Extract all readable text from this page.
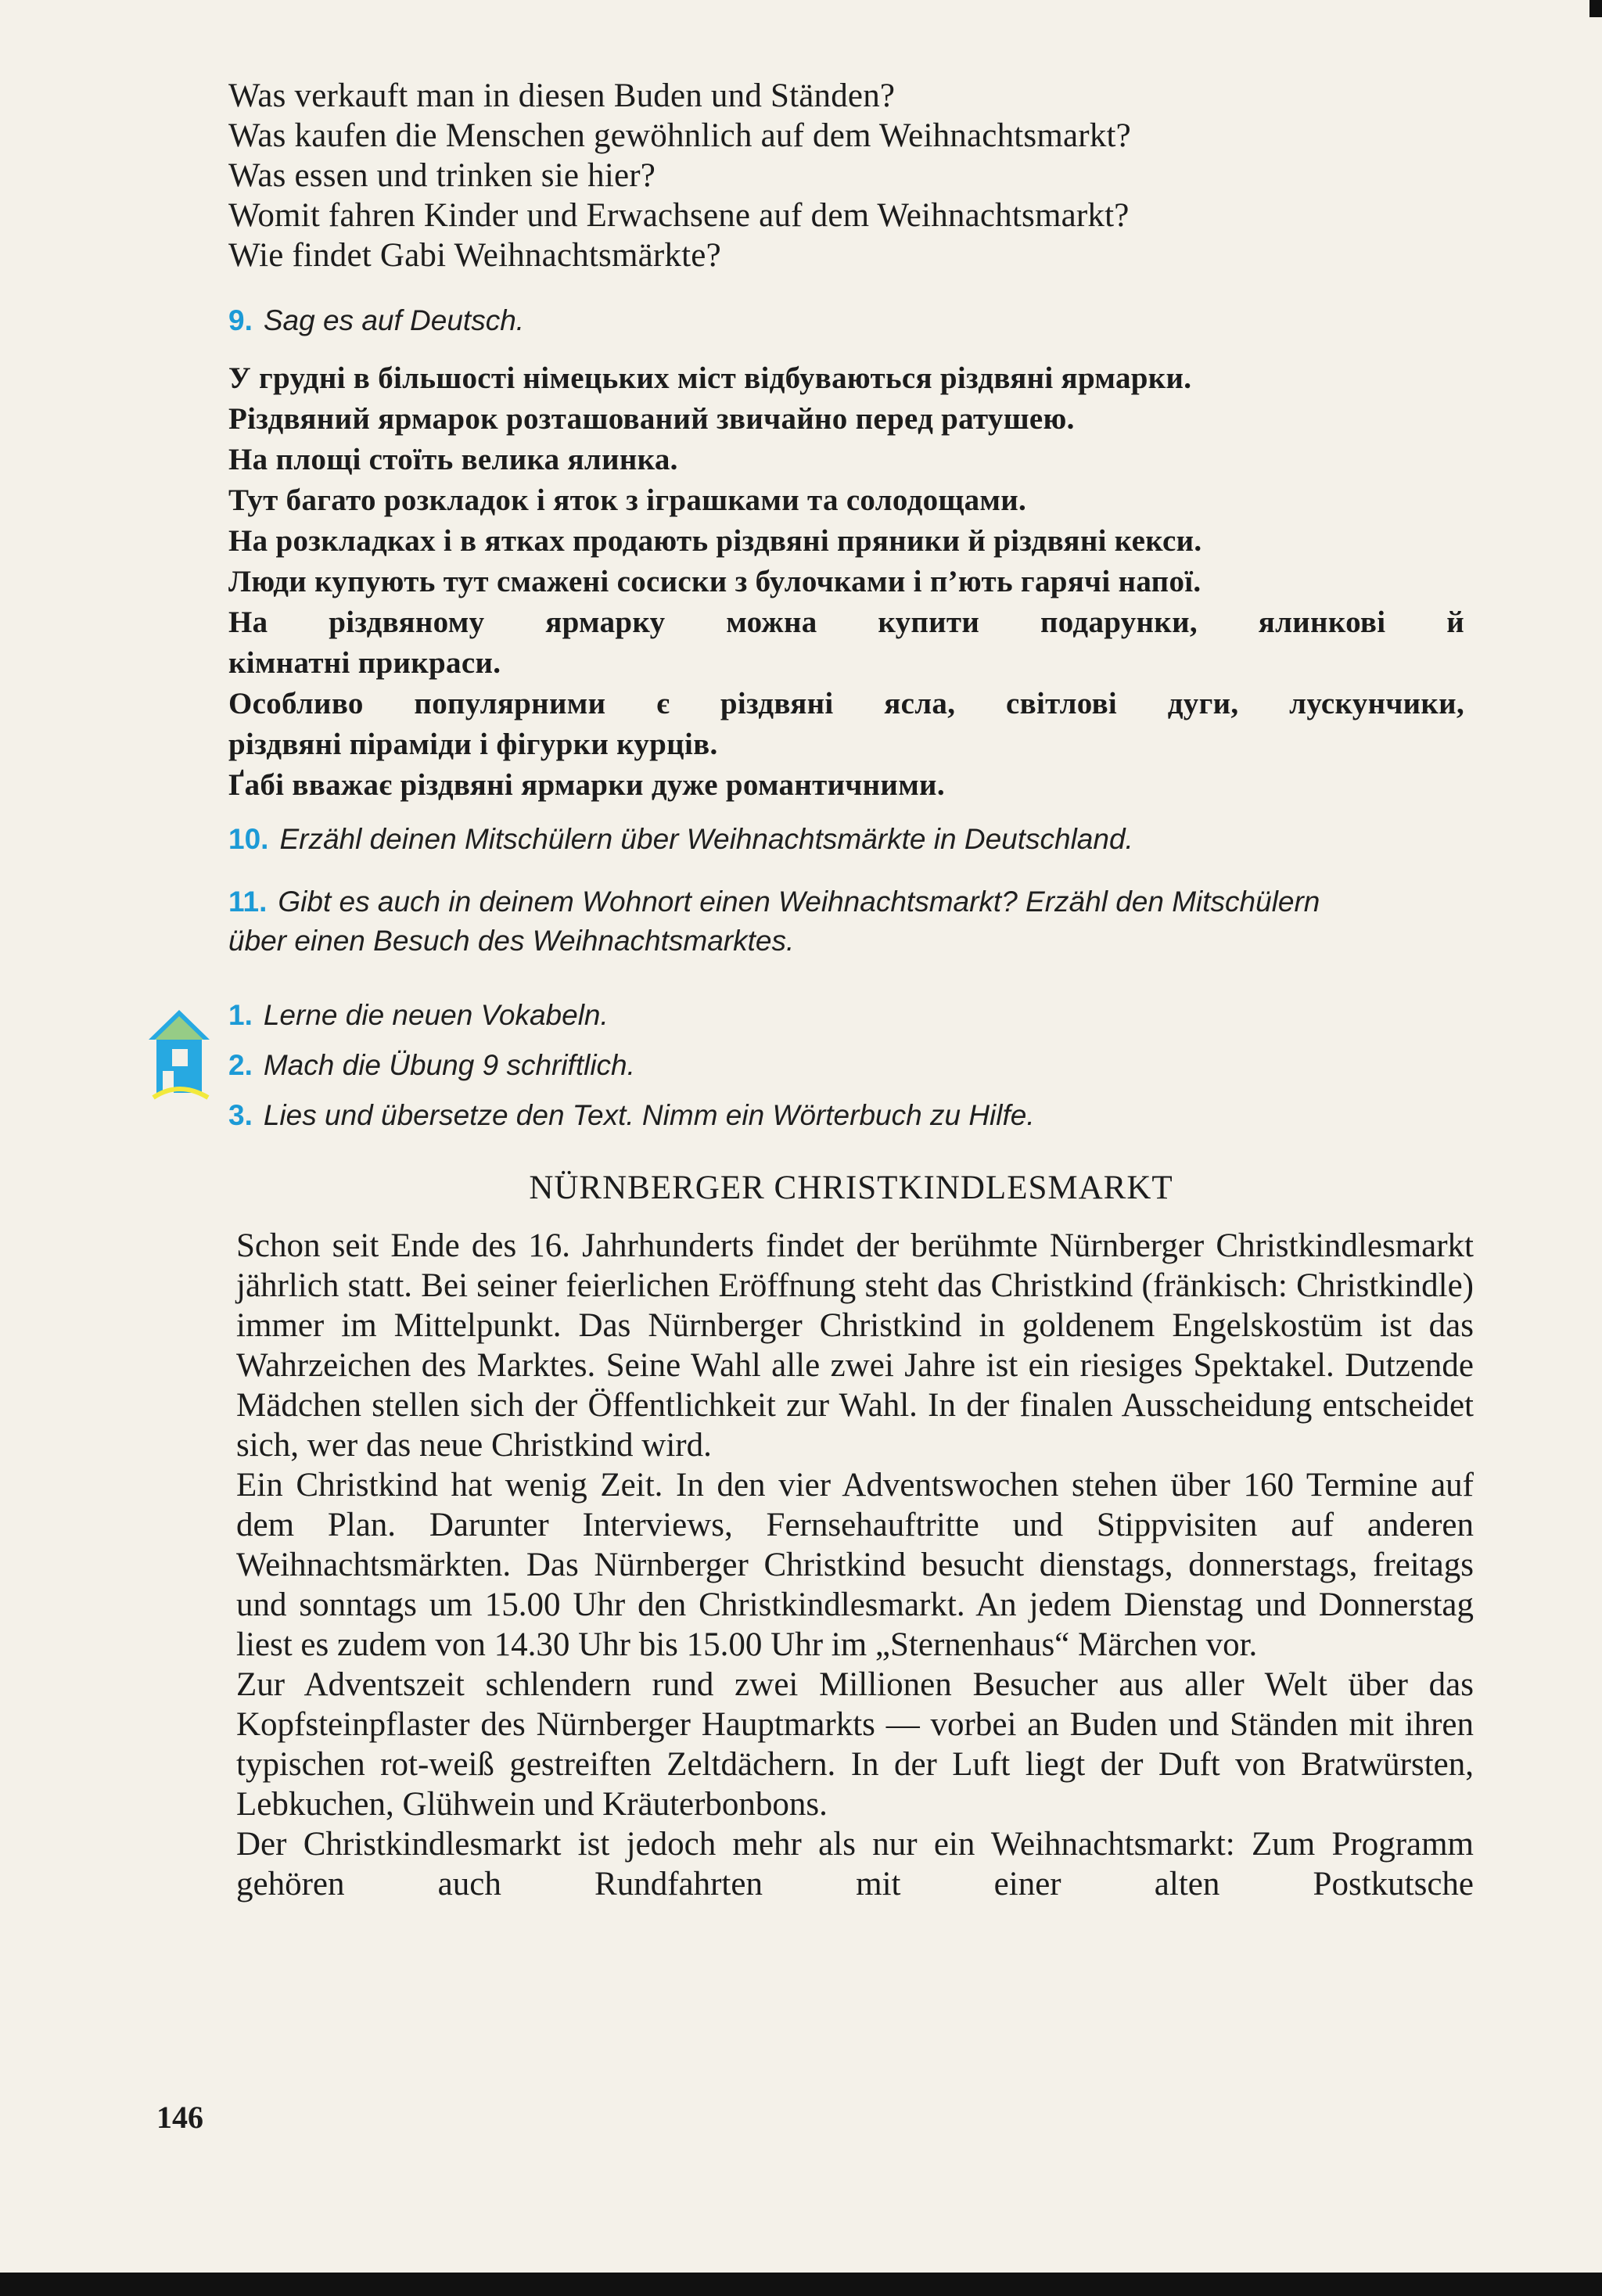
Was verkauft man in diesen Buden und Ständen?
Was kaufen die Menschen gewöhnlich auf dem Weihnachtsmarkt?
Was essen und trinken sie hier?
Womit fahren Kinder und Erwachsene auf dem Weihnachtsmarkt?
Wie findet Gabi Weihnachtsmärkte?
9. Sag es auf Deutsch.
У грудні в більшості німецьких міст відбуваються різдвяні ярмарки.
Різдвяний ярмарок розташований звичайно перед ратушею.
На площі стоїть велика ялинка.
Тут багато розкладок і яток з іграшками та солодощами.
На розкладках і в ятках продають різдвяні пряники й різдвяні кекси.
Люди купують тут смажені сосиски з булочками і п’ють гарячі напої.
На різдвяному ярмарку можна купити подарунки, ялинкові й
кімнатні прикраси.
Особливо популярними є різдвяні ясла, світлові дуги, лускунчики,
різдвяні піраміди і фігурки курців.
Ґабі вважає різдвяні ярмарки дуже романтичними.
10. Erzähl deinen Mitschülern über Weihnachtsmärkte in Deutschland.
11. Gibt es auch in deinem Wohnort einen Weihnachtsmarkt? Erzähl den Mitschülern
über einen Besuch des Weihnachtsmarktes.
1. Lerne die neuen Vokabeln.
2. Mach die Übung 9 schriftlich.
3. Lies und übersetze den Text. Nimm ein Wörterbuch zu Hilfe.
NÜRNBERGER CHRISTKINDLESMARKT

Schon seit Ende des 16. Jahrhunderts findet der berühmte Nürnberger Christkindlesmarkt jährlich statt. Bei seiner feierlichen Eröffnung steht das Christkind (fränkisch: Christkindle) immer im Mittelpunkt. Das Nürnberger Christkind in goldenem Engelskostüm ist das Wahrzeichen des Marktes. Seine Wahl alle zwei Jahre ist ein riesiges Spektakel. Dutzende Mädchen stellen sich der Öffentlichkeit zur Wahl. In der finalen Ausscheidung entscheidet sich, wer das neue Christkind wird.

Ein Christkind hat wenig Zeit. In den vier Adventswochen stehen über 160 Termine auf dem Plan. Darunter Interviews, Fernsehauftritte und Stippvisiten auf anderen Weihnachtsmärkten. Das Nürnberger Christkind besucht dienstags, donnerstags, freitags und sonntags um 15.00 Uhr den Christkindlesmarkt. An jedem Dienstag und Donnerstag liest es zudem von 14.30 Uhr bis 15.00 Uhr im „Sternenhaus“ Märchen vor.

Zur Adventszeit schlendern rund zwei Millionen Besucher aus aller Welt über das Kopfsteinpflaster des Nürnberger Hauptmarkts — vorbei an Buden und Ständen mit ihren typischen rot-weiß gestreiften Zeltdächern. In der Luft liegt der Duft von Bratwürsten, Lebkuchen, Glühwein und Kräuterbonbons.

Der Christkindlesmarkt ist jedoch mehr als nur ein Weihnachtsmarkt: Zum Programm gehören auch Rundfahrten mit einer alten Postkutsche

146
